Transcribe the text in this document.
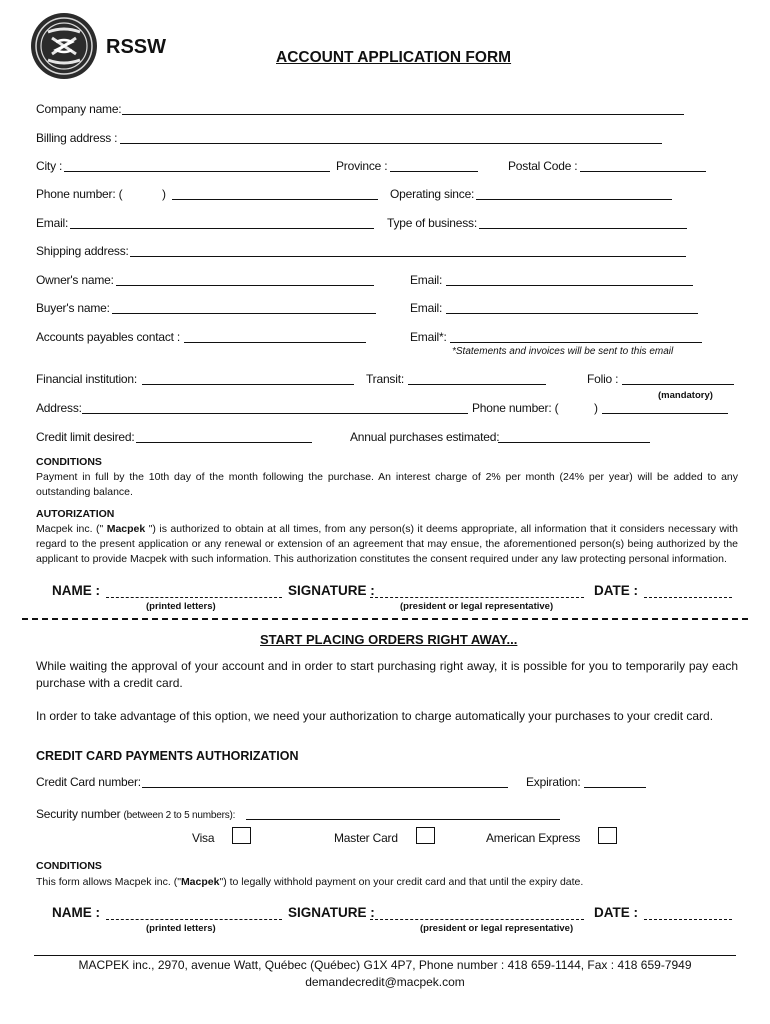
RSSW	ACCOUNT APPLICATION FORM
Company name:
Billing address :
City :	Province :	Postal Code :
Phone number: (	)	Operating since:
Email:	Type of business:
Shipping address:
Owner's name:	Email:
Buyer's name:	Email:
Accounts payables contact :	Email*:
*Statements and invoices will be sent to this email
Financial institution:	Transit:	Folio :
(mandatory)
Address:	Phone number: (	)
Credit limit desired:	Annual purchases estimated:
CONDITIONS
Payment in full by the 10th day of the month following the purchase. An interest charge of 2% per month (24% per year) will be added to any outstanding balance.
AUTORIZATION
Macpek inc. (" Macpek ") is authorized to obtain at all times, from any person(s) it deems appropriate, all information that it considers necessary with regard to the present application or any renewal or extension of an agreement that may ensue, the aforementioned person(s) being authorized by the applicant to provide Macpek with such information. This authorization constitutes the consent required under any law protecting personal information.
NAME :	SIGNATURE :	DATE :
(printed letters)	(president or legal representative)
START PLACING ORDERS RIGHT AWAY...
While waiting the approval of your account and in order to start purchasing right away, it is possible for you to temporarily pay each purchase with a credit card.
In order to take advantage of this option, we need your authorization to charge automatically your purchases to your credit card.
CREDIT CARD PAYMENTS AUTHORIZATION
Credit Card number:	Expiration:
Security number (between 2 to 5 numbers):
Visa	Master Card	American Express
CONDITIONS
This form allows Macpek inc. ("Macpek") to legally withhold payment on your credit card and that until the expiry date.
NAME :	SIGNATURE :	DATE :
(printed letters)	(president or legal representative)
MACPEK inc., 2970, avenue Watt, Québec (Québec) G1X 4P7, Phone number : 418 659-1144, Fax : 418 659-7949
demandecredit@macpek.com
